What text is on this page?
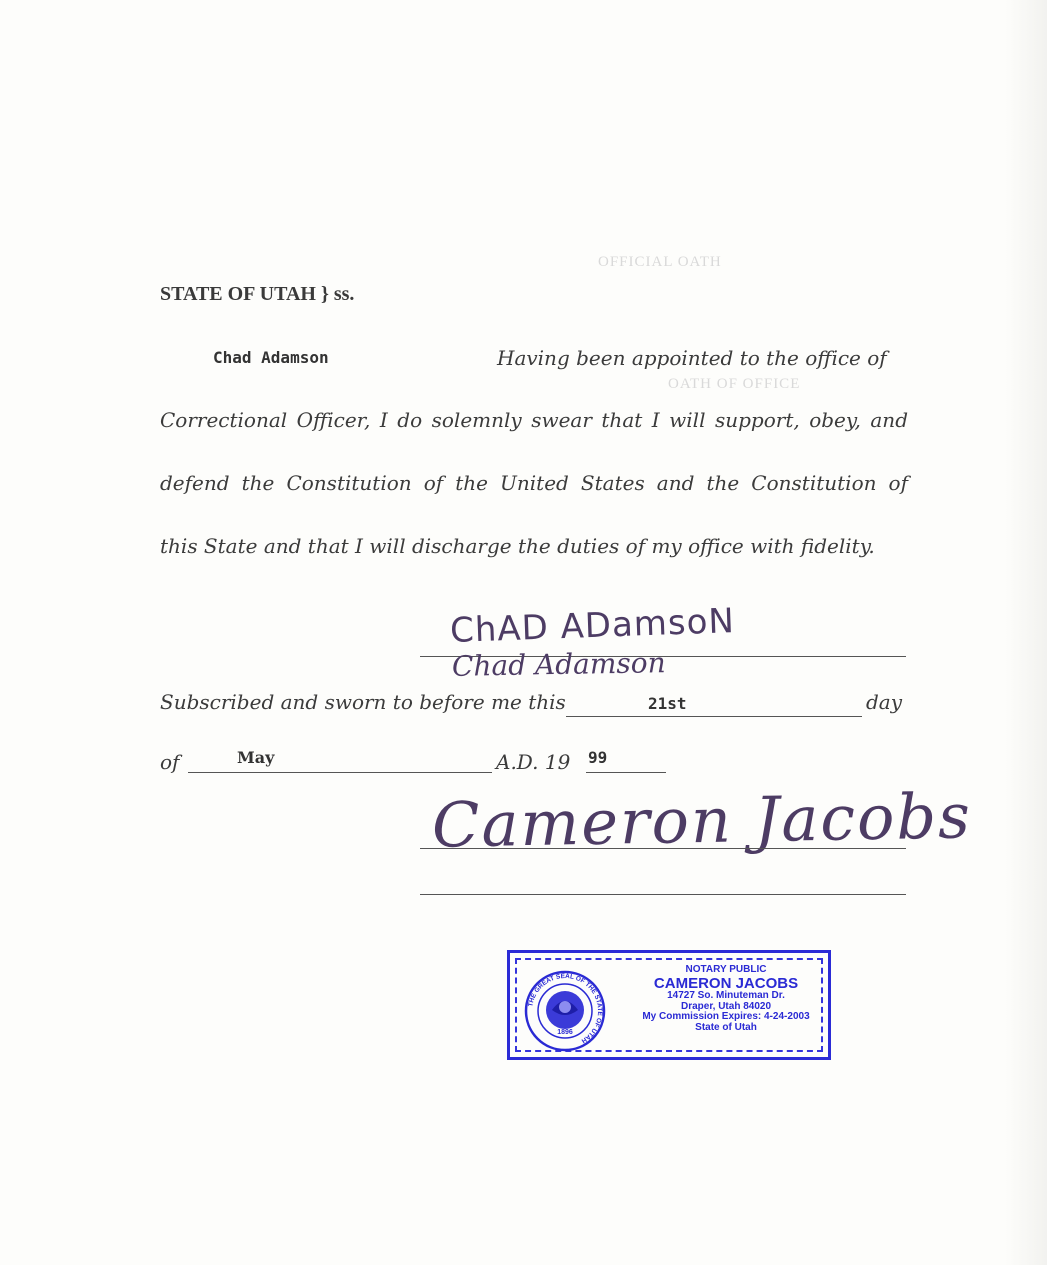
OFFICIAL OATH
OATH OF OFFICE
STATE OF UTAH } ss.
Chad Adamson	Having been appointed to the office of
Correctional Officer, I do solemnly swear that I will support, obey, and
defend the Constitution of the United States and the Constitution of
this State and that I will discharge the duties of my office with fidelity.
ChAD ADamsoN
Chad Adamson
Subscribed and sworn to before me this	21st	day
of	May	A.D. 19	99
Cameron Jacobs
THE GREAT SEAL OF THE STATE OF UTAH
1896
NOTARY PUBLIC
CAMERON JACOBS
14727 So. Minuteman Dr.
Draper, Utah 84020
My Commission Expires: 4-24-2003
State of Utah
